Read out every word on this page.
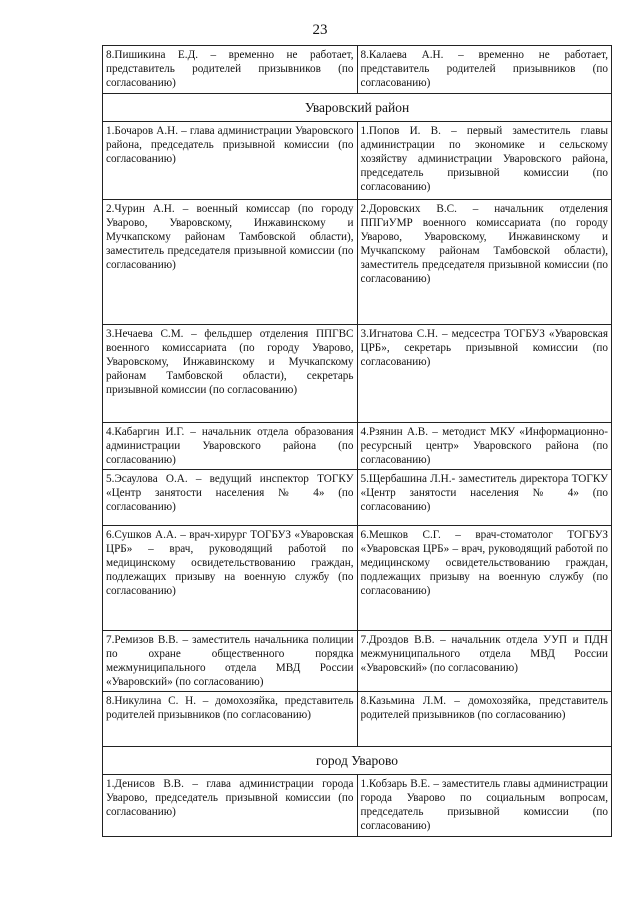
23
8.Пишикина Е.Д. – временно не работает, представитель родителей призывников (по согласованию)	8.Калаева А.Н. – временно не работает, представитель родителей призывников (по согласованию)
Уваровский район	
1.Бочаров А.Н. – глава администрации Уваровского района, председатель призывной комиссии (по согласованию)	1.Попов И. В. – первый заместитель главы администрации по экономике и сельскому хозяйству администрации Уваровского района, председатель призывной комиссии (по согласованию)
2.Чурин А.Н. – военный комиссар (по городу Уварово, Уваровскому, Инжавинскому и Мучкапскому районам Тамбовской области), заместитель председателя призывной комиссии (по согласованию)	2.Доровских В.С. – начальник отделения ППГиУМР военного комиссариата (по городу Уварово, Уваровскому, Инжавинскому и Мучкапскому районам Тамбовской области), заместитель председателя призывной комиссии (по согласованию)
3.Нечаева С.М. – фельдшер отделения ППГВС военного комиссариата (по городу Уварово, Уваровскому, Инжавинскому и Мучкапскому районам Тамбовской области), секретарь призывной комиссии (по согласованию)	3.Игнатова С.Н. – медсестра ТОГБУЗ «Уваровская ЦРБ», секретарь призывной комиссии (по согласованию)
4.Кабаргин И.Г. – начальник отдела образования администрации Уваровского района (по согласованию)	4.Рзянин А.В. – методист МКУ «Информационно-ресурсный центр» Уваровского района (по согласованию)
5.Эсаулова О.А. – ведущий инспектор ТОГКУ «Центр занятости населения № 4» (по согласованию)	5.Щербашина Л.Н.- заместитель директора ТОГКУ «Центр занятости населения № 4» (по согласованию)
6.Сушков А.А. – врач-хирург ТОГБУЗ «Уваровская ЦРБ» – врач, руководящий работой по медицинскому освидетельствованию граждан, подлежащих призыву на военную службу (по согласованию)	6.Мешков С.Г. – врач-стоматолог ТОГБУЗ «Уваровская ЦРБ» – врач, руководящий работой по медицинскому освидетельствованию граждан, подлежащих призыву на военную службу (по согласованию)
7.Ремизов В.В. – заместитель начальника полиции по охране общественного порядка межмуниципального отдела МВД России «Уваровский» (по согласованию)	7.Дроздов В.В. – начальник отдела УУП и ПДН межмуниципального отдела МВД России «Уваровский» (по согласованию)
8.Никулина С. Н. – домохозяйка, представитель родителей призывников (по согласованию)	8.Казьмина Л.М. – домохозяйка, представитель родителей призывников (по согласованию)
город Уварово	
1.Денисов В.В. – глава администрации города Уварово, председатель призывной комиссии (по согласованию)	1.Кобзарь В.Е. – заместитель главы администрации города Уварово по социальным вопросам, председатель призывной комиссии (по согласованию)
